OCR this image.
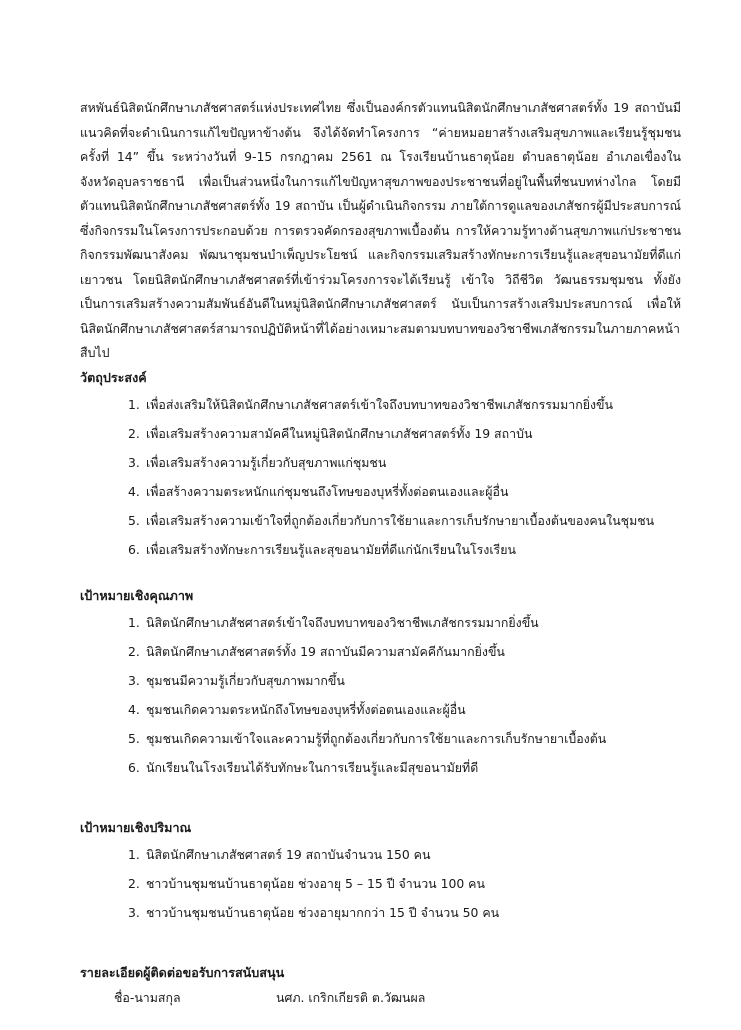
สหพันธ์นิสิตนักศึกษาเภสัชศาสตร์แห่งประเทศไทย ซึ่งเป็นองค์กรตัวแทนนิสิตนักศึกษาเภสัชศาสตร์ทั้ง 19 สถาบันมีแนวคิดที่จะดำเนินการแก้ไขปัญหาข้างต้น จึงได้จัดทำโครงการ “ค่ายหมอยาสร้างเสริมสุขภาพและเรียนรู้ชุมชน ครั้งที่ 14” ขึ้น ระหว่างวันที่ 9-15 กรกฎาคม 2561 ณ โรงเรียนบ้านธาตุน้อย ตำบลธาตุน้อย อำเภอเขื่องใน จังหวัดอุบลราชธานี เพื่อเป็นส่วนหนึ่งในการแก้ไขปัญหาสุขภาพของประชาชนที่อยู่ในพื้นที่ชนบทห่างไกล โดยมีตัวแทนนิสิตนักศึกษาเภสัชศาสตร์ทั้ง 19 สถาบัน เป็นผู้ดำเนินกิจกรรม ภายใต้การดูแลของเภสัชกรผู้มีประสบการณ์ ซึ่งกิจกรรมในโครงการประกอบด้วย การตรวจคัดกรองสุขภาพเบื้องต้น การให้ความรู้ทางด้านสุขภาพแก่ประชาชน กิจกรรมพัฒนาสังคม พัฒนาชุมชนบำเพ็ญประโยชน์ และกิจกรรมเสริมสร้างทักษะการเรียนรู้และสุขอนามัยที่ดีแก่เยาวชน โดยนิสิตนักศึกษาเภสัชศาสตร์ที่เข้าร่วมโครงการจะได้เรียนรู้ เข้าใจ วิถีชีวิต วัฒนธรรมชุมชน ทั้งยังเป็นการเสริมสร้างความสัมพันธ์อันดีในหมู่นิสิตนักศึกษาเภสัชศาสตร์ นับเป็นการสร้างเสริมประสบการณ์ เพื่อให้นิสิตนักศึกษาเภสัชศาสตร์สามารถปฏิบัติหน้าที่ได้อย่างเหมาะสมตามบทบาทของวิชาชีพเภสัชกรรมในภายภาคหน้าสืบไป

วัตถุประสงค์
1. เพื่อส่งเสริมให้นิสิตนักศึกษาเภสัชศาสตร์เข้าใจถึงบทบาทของวิชาชีพเภสัชกรรมมากยิ่งขึ้น
2. เพื่อเสริมสร้างความสามัคคีในหมู่นิสิตนักศึกษาเภสัชศาสตร์ทั้ง 19 สถาบัน
3. เพื่อเสริมสร้างความรู้เกี่ยวกับสุขภาพแก่ชุมชน
4. เพื่อสร้างความตระหนักแก่ชุมชนถึงโทษของบุหรี่ทั้งต่อตนเองและผู้อื่น
5. เพื่อเสริมสร้างความเข้าใจที่ถูกต้องเกี่ยวกับการใช้ยาและการเก็บรักษายาเบื้องต้นของคนในชุมชน
6. เพื่อเสริมสร้างทักษะการเรียนรู้และสุขอนามัยที่ดีแก่นักเรียนในโรงเรียน
เป้าหมายเชิงคุณภาพ
1. นิสิตนักศึกษาเภสัชศาสตร์เข้าใจถึงบทบาทของวิชาชีพเภสัชกรรมมากยิ่งขึ้น
2. นิสิตนักศึกษาเภสัชศาสตร์ทั้ง 19 สถาบันมีความสามัคคีกันมากยิ่งขึ้น
3. ชุมชนมีความรู้เกี่ยวกับสุขภาพมากขึ้น
4. ชุมชนเกิดความตระหนักถึงโทษของบุหรี่ทั้งต่อตนเองและผู้อื่น
5. ชุมชนเกิดความเข้าใจและความรู้ที่ถูกต้องเกี่ยวกับการใช้ยาและการเก็บรักษายาเบื้องต้น
6. นักเรียนในโรงเรียนได้รับทักษะในการเรียนรู้และมีสุขอนามัยที่ดี
เป้าหมายเชิงปริมาณ
1. นิสิตนักศึกษาเภสัชศาสตร์ 19 สถาบันจำนวน 150 คน
2. ชาวบ้านชุมชนบ้านธาตุน้อย ช่วงอายุ 5 – 15 ปี จำนวน 100 คน
3. ชาวบ้านชุมชนบ้านธาตุน้อย ช่วงอายุมากกว่า 15 ปี จำนวน 50 คน
รายละเอียดผู้ติดต่อขอรับการสนับสนุน
ชื่อ-นามสกุล	นศภ. เกริกเกียรติ ต.วัฒนผล
